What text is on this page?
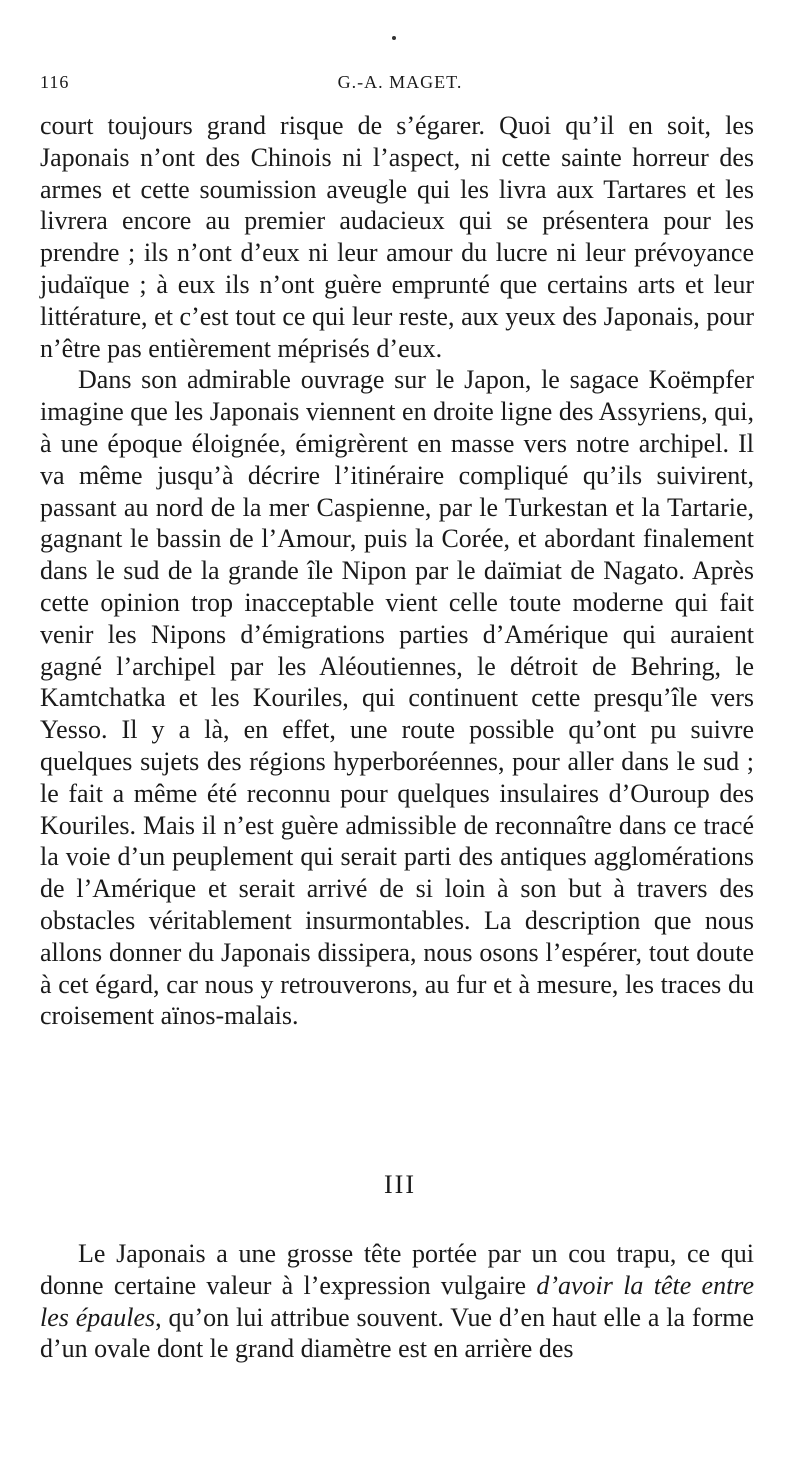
116	G.-A. MAGET.

court toujours grand risque de s’égarer. Quoi qu’il en soit, les Japonais n’ont des Chinois ni l’aspect, ni cette sainte horreur des armes et cette soumission aveugle qui les livra aux Tartares et les livrera encore au premier audacieux qui se présentera pour les prendre ; ils n’ont d’eux ni leur amour du lucre ni leur prévoyance judaïque ; à eux ils n’ont guère emprunté que certains arts et leur littérature, et c’est tout ce qui leur reste, aux yeux des Japonais, pour n’être pas entièrement méprisés d’eux.

Dans son admirable ouvrage sur le Japon, le sagace Koëmpfer imagine que les Japonais viennent en droite ligne des Assyriens, qui, à une époque éloignée, émigrèrent en masse vers notre archipel. Il va même jusqu’à décrire l’itinéraire compliqué qu’ils suivirent, passant au nord de la mer Caspienne, par le Turkestan et la Tartarie, gagnant le bassin de l’Amour, puis la Corée, et abordant finalement dans le sud de la grande île Nipon par le daïmiat de Nagato. Après cette opinion trop inacceptable vient celle toute moderne qui fait venir les Nipons d’émigrations parties d’Amérique qui auraient gagné l’archipel par les Aléoutiennes, le détroit de Behring, le Kamtchatka et les Kouriles, qui continuent cette presqu’île vers Yesso. Il y a là, en effet, une route possible qu’ont pu suivre quelques sujets des régions hyperboréennes, pour aller dans le sud ; le fait a même été reconnu pour quelques insulaires d’Ouroup des Kouriles. Mais il n’est guère admissible de reconnaître dans ce tracé la voie d’un peuplement qui serait parti des antiques agglomérations de l’Amérique et serait arrivé de si loin à son but à travers des obstacles véritablement insurmontables. La description que nous allons donner du Japonais dissipera, nous osons l’espérer, tout doute à cet égard, car nous y retrouverons, au fur et à mesure, les traces du croisement aïnos-malais.

III

Le Japonais a une grosse tête portée par un cou trapu, ce qui donne certaine valeur à l’expression vulgaire d’avoir la tête entre les épaules, qu’on lui attribue souvent. Vue d’en haut elle a la forme d’un ovale dont le grand diamètre est en arrière des
